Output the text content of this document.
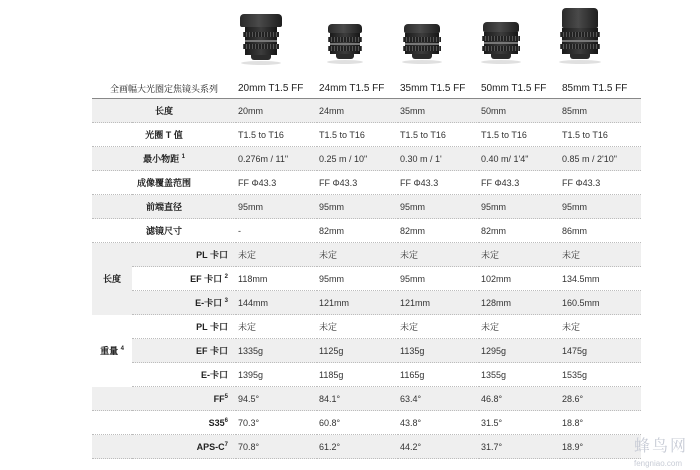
全画幅大光圈定焦镜头系列		20mm T1.5 FF	24mm T1.5 FF	35mm T1.5 FF	50mm T1.5 FF	85mm T1.5 FF
长度		20mm	24mm	35mm	50mm	85mm
光圈 T 值		T1.5 to T16	T1.5 to T16	T1.5 to T16	T1.5 to T16	T1.5 to T16
最小物距 $^1$		0.276m / 11"	0.25 m / 10"	0.30 m / 1'	0.40 m/ 1'4"	0.85 m / 2'10"
成像覆盖范围		FF Φ43.3	FF Φ43.3	FF Φ43.3	FF Φ43.3	FF Φ43.3
前端直径		95mm	95mm	95mm	95mm	95mm
滤镜尺寸		-	82mm	82mm	82mm	86mm
长度	PL 卡口	未定	未定	未定	未定	未定
	EF 卡口 $^2$	118mm	95mm	95mm	102mm	134.5mm
	E-卡口 $^3$	144mm	121mm	121mm	128mm	160.5mm
重量 $^4$	PL 卡口	未定	未定	未定	未定	未定
	EF 卡口	1335g	1125g	1135g	1295g	1475g
	E-卡口	1395g	1185g	1165g	1355g	1535g
$FF^5$		94.5°	84.1°	63.4°	46.8°	28.6°
$S35^6$		70.3°	60.8°	43.8°	31.5°	18.8°
APS-$C^7$		70.8°	61.2°	44.2°	31.7°	18.9°	蜂鸟网
fengniao.com
